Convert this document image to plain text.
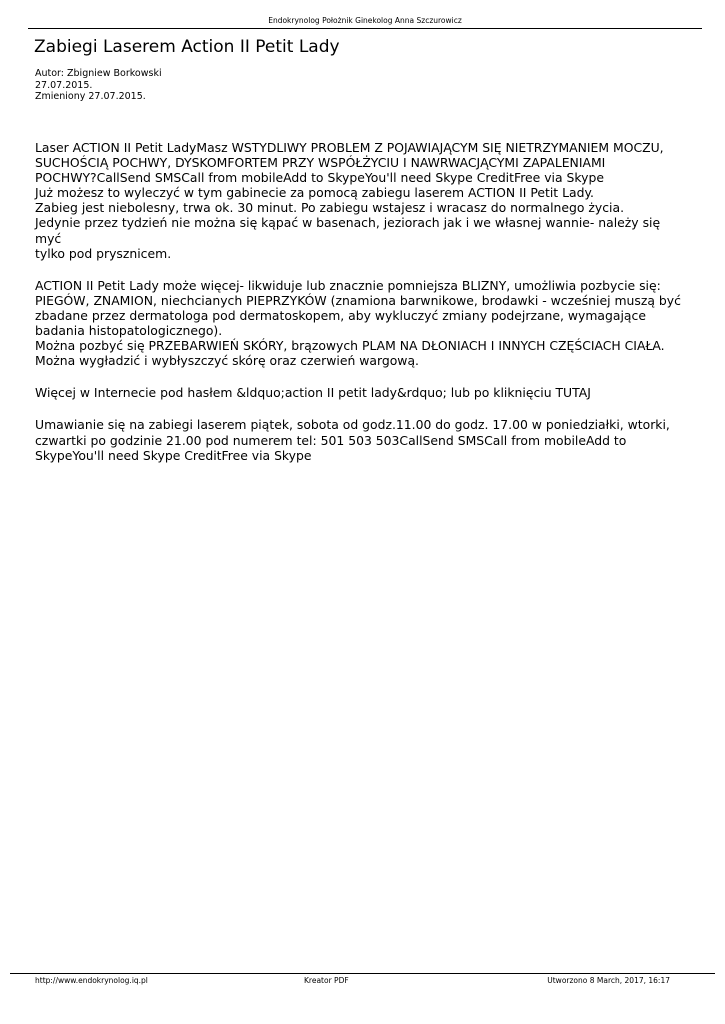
Endokrynolog Położnik Ginekolog Anna Szczurowicz
Zabiegi Laserem Action II Petit Lady
Autor: Zbigniew Borkowski
27.07.2015.
Zmieniony 27.07.2015.

Laser ACTION II Petit LadyMasz WSTYDLIWY PROBLEM Z POJAWIAJĄCYM SIĘ NIETRZYMANIEM MOCZU,

SUCHOŚCIĄ POCHWY, DYSKOMFORTEM PRZY WSPÓŁŻYCIU I NAWRWACJĄCYMI ZAPALENIAMI

POCHWY?CallSend SMSCall from mobileAdd to SkypeYou'll need Skype CreditFree via Skype

Już możesz to wyleczyć w tym gabinecie za pomocą zabiegu laserem ACTION II Petit Lady.

Zabieg jest niebolesny, trwa ok. 30 minut. Po zabiegu wstajesz i wracasz do normalnego życia.

Jedynie przez tydzień nie można się kąpać w basenach, jeziorach jak i we własnej wannie- należy się myć

tylko pod prysznicem.

ACTION II Petit Lady może więcej- likwiduje lub znacznie pomniejsza BLIZNY, umożliwia pozbycie się:

PIEGÓW, ZNAMION, niechcianych PIEPRZYKÓW (znamiona barwnikowe, brodawki - wcześniej muszą być

zbadane przez dermatologa pod dermatoskopem, aby wykluczyć zmiany podejrzane, wymagające

badania histopatologicznego).

Można pozbyć się PRZEBARWIEŃ SKÓRY, brązowych PLAM NA DŁONIACH I INNYCH CZĘŚCIACH CIAŁA.

Można wygładzić i wybłyszczyć skórę oraz czerwień wargową.

Więcej w Internecie pod hasłem &ldquo;action II petit lady&rdquo; lub po kliknięciu TUTAJ

Umawianie się na zabiegi laserem piątek, sobota od godz.11.00 do godz. 17.00 w poniedziałki, wtorki,

czwartki po godzinie 21.00 pod numerem tel: 501 503 503CallSend SMSCall from mobileAdd to

SkypeYou'll need Skype CreditFree via Skype

http://www.endokrynolog.iq.pl	Kreator PDF	Utworzono 8 March, 2017, 16:17
